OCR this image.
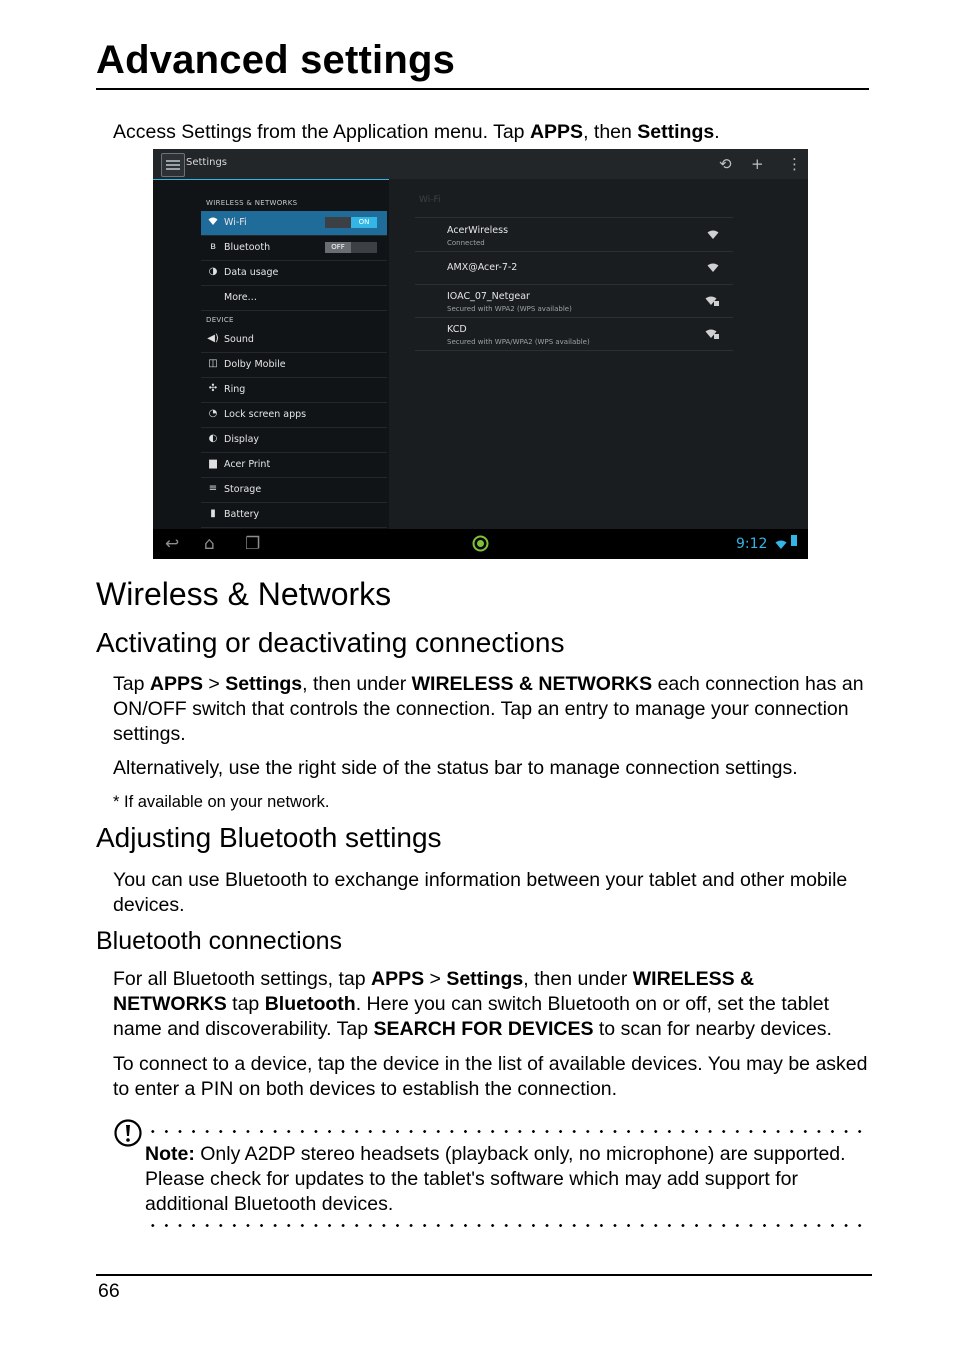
Advanced settings
Access Settings from the Application menu. Tap APPS, then Settings.
Settings	⟲ + ⋮
WIRELESS & NETWORKS
Wi-Fi	ON
ʙ Bluetooth	OFF
◑ Data usage
More…
DEVICE
◀) Sound
◫ Dolby Mobile
✣ Ring
◔ Lock screen apps
◐ Display
▆ Acer Print
≡ Storage
▮ Battery
Wi-Fi
AcerWireless
Connected
AMX@Acer-7-2
IOAC_07_Netgear
Secured with WPA2 (WPS available)
KCD
Secured with WPA/WPA2 (WPS available)
↩ ⌂ ❐	9:12
Wireless & Networks
Activating or deactivating connections
Tap APPS > Settings, then under WIRELESS & NETWORKS each connection has an ON/OFF switch that controls the connection. Tap an entry to manage your connection settings.
Alternatively, use the right side of the status bar to manage connection settings.
* If available on your network.
Adjusting Bluetooth settings
You can use Bluetooth to exchange information between your tablet and other mobile devices.
Bluetooth connections
For all Bluetooth settings, tap APPS > Settings, then under WIRELESS & NETWORKS tap Bluetooth. Here you can switch Bluetooth on or off, set the tablet name and discoverability. Tap SEARCH FOR DEVICES to scan for nearby devices.
To connect to a device, tap the device in the list of available devices. You may be asked to enter a PIN on both devices to establish the connection.
Note: Only A2DP stereo headsets (playback only, no microphone) are supported. Please check for updates to the tablet's software which may add support for additional Bluetooth devices.
66
